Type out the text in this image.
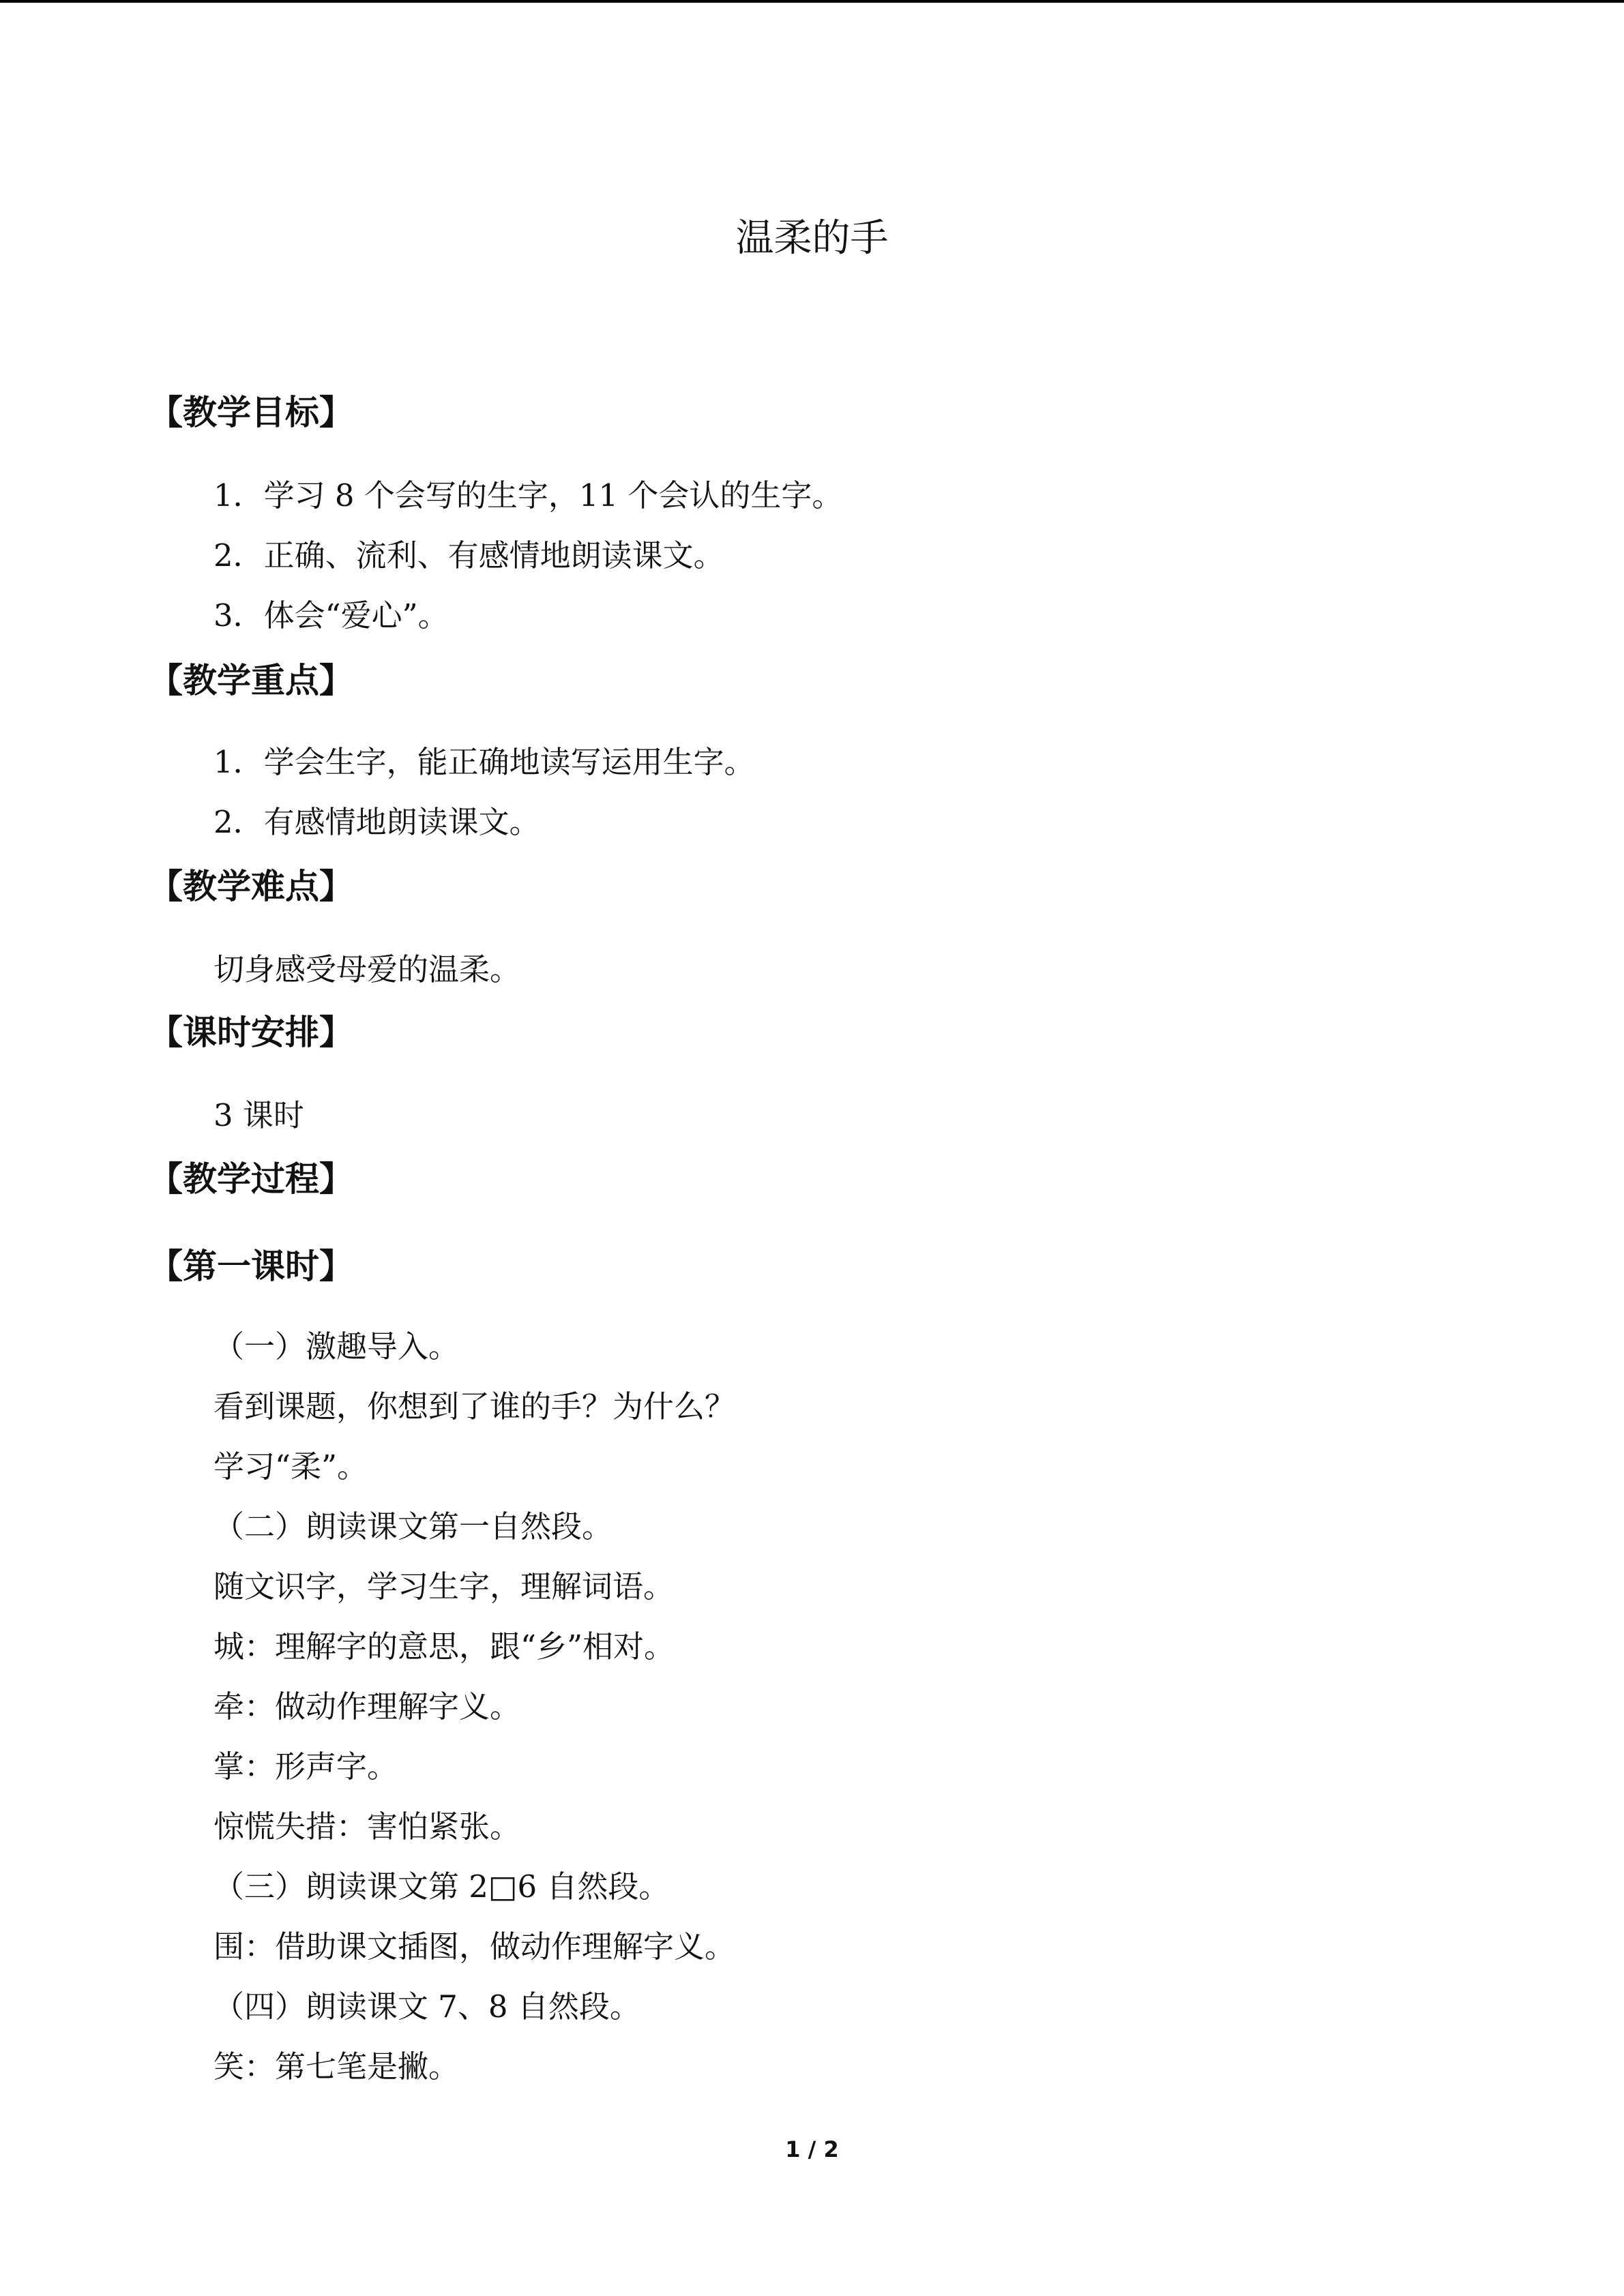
温柔的手
【教学目标】

1．学习 8 个会写的生字，11 个会认的生字。

2．正确、流利、有感情地朗读课文。

3．体会“爱心”。

【教学重点】

1．学会生字，能正确地读写运用生字。

2．有感情地朗读课文。

【教学难点】

切身感受母爱的温柔。

【课时安排】

3 课时

【教学过程】
【第一课时】

（一）激趣导入。

看到课题，你想到了谁的手？为什么？

学习“柔”。

（二）朗读课文第一自然段。

随文识字，学习生字，理解词语。

城：理解字的意思，跟“乡”相对。

牵：做动作理解字义。

掌：形声字。

惊慌失措：害怕紧张。

（三）朗读课文第 2□6 自然段。

围：借助课文插图，做动作理解字义。

（四）朗读课文 7、8 自然段。

笑：第七笔是撇。

1 / 2
